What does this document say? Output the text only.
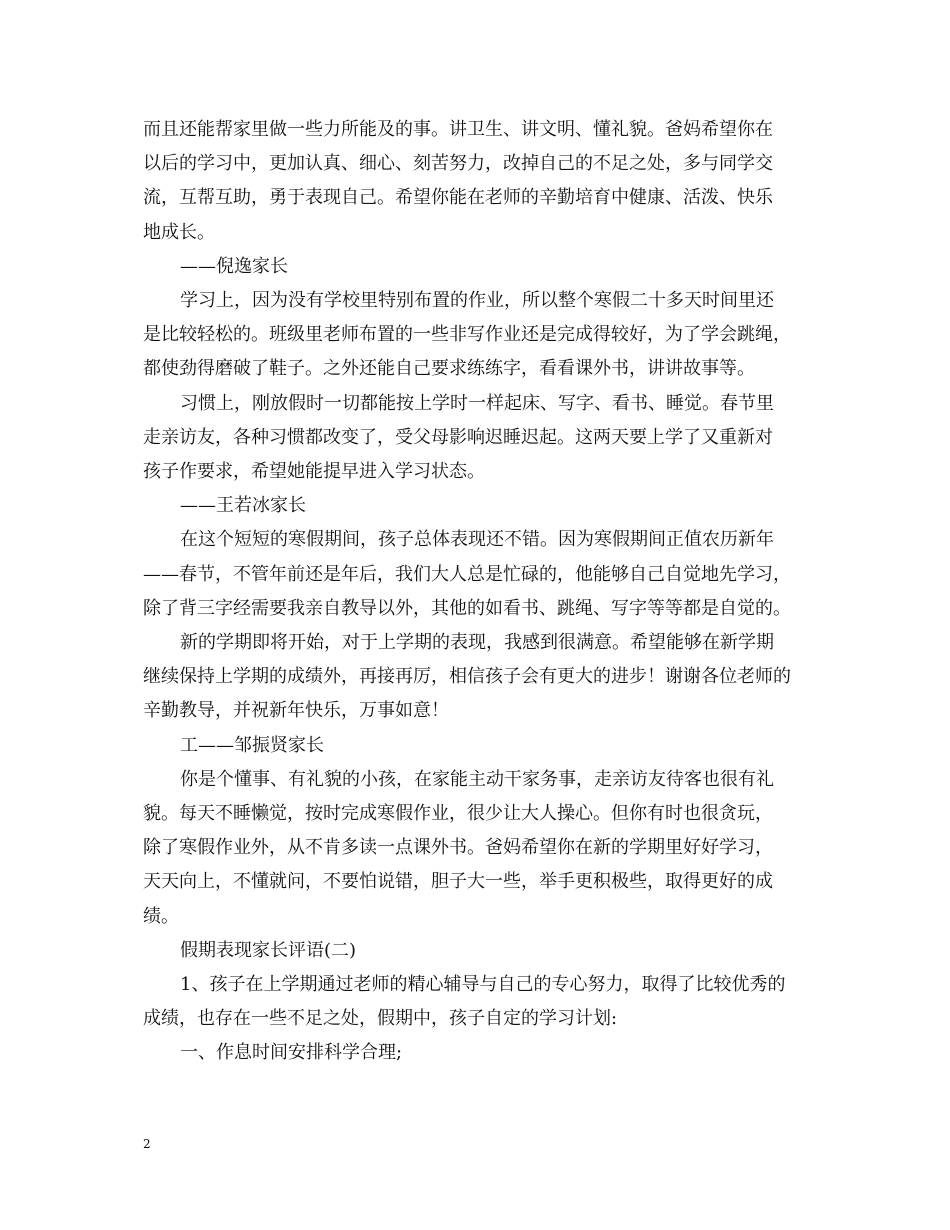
而且还能帮家里做一些力所能及的事。讲卫生、讲文明、懂礼貌。爸妈希望你在
以后的学习中，更加认真、细心、刻苦努力，改掉自己的不足之处，多与同学交
流，互帮互助，勇于表现自己。希望你能在老师的辛勤培育中健康、活泼、快乐
地成长。
——倪逸家长
学习上，因为没有学校里特别布置的作业，所以整个寒假二十多天时间里还
是比较轻松的。班级里老师布置的一些非写作业还是完成得较好，为了学会跳绳，
都使劲得磨破了鞋子。之外还能自己要求练练字，看看课外书，讲讲故事等。
习惯上，刚放假时一切都能按上学时一样起床、写字、看书、睡觉。春节里
走亲访友，各种习惯都改变了，受父母影响迟睡迟起。这两天要上学了又重新对
孩子作要求，希望她能提早进入学习状态。
——王若冰家长
在这个短短的寒假期间，孩子总体表现还不错。因为寒假期间正值农历新年
——春节，不管年前还是年后，我们大人总是忙碌的，他能够自己自觉地先学习，
除了背三字经需要我亲自教导以外，其他的如看书、跳绳、写字等等都是自觉的。
新的学期即将开始，对于上学期的表现，我感到很满意。希望能够在新学期
继续保持上学期的成绩外，再接再厉，相信孩子会有更大的进步！谢谢各位老师的
辛勤教导，并祝新年快乐，万事如意！
工——邹振贤家长
你是个懂事、有礼貌的小孩，在家能主动干家务事，走亲访友待客也很有礼
貌。每天不睡懒觉，按时完成寒假作业，很少让大人操心。但你有时也很贪玩，
除了寒假作业外，从不肯多读一点课外书。爸妈希望你在新的学期里好好学习，
天天向上，不懂就问，不要怕说错，胆子大一些，举手更积极些，取得更好的成
绩。
假期表现家长评语(二)
1、孩子在上学期通过老师的精心辅导与自己的专心努力，取得了比较优秀的
成绩，也存在一些不足之处，假期中，孩子自定的学习计划:
一、作息时间安排科学合理;
2
